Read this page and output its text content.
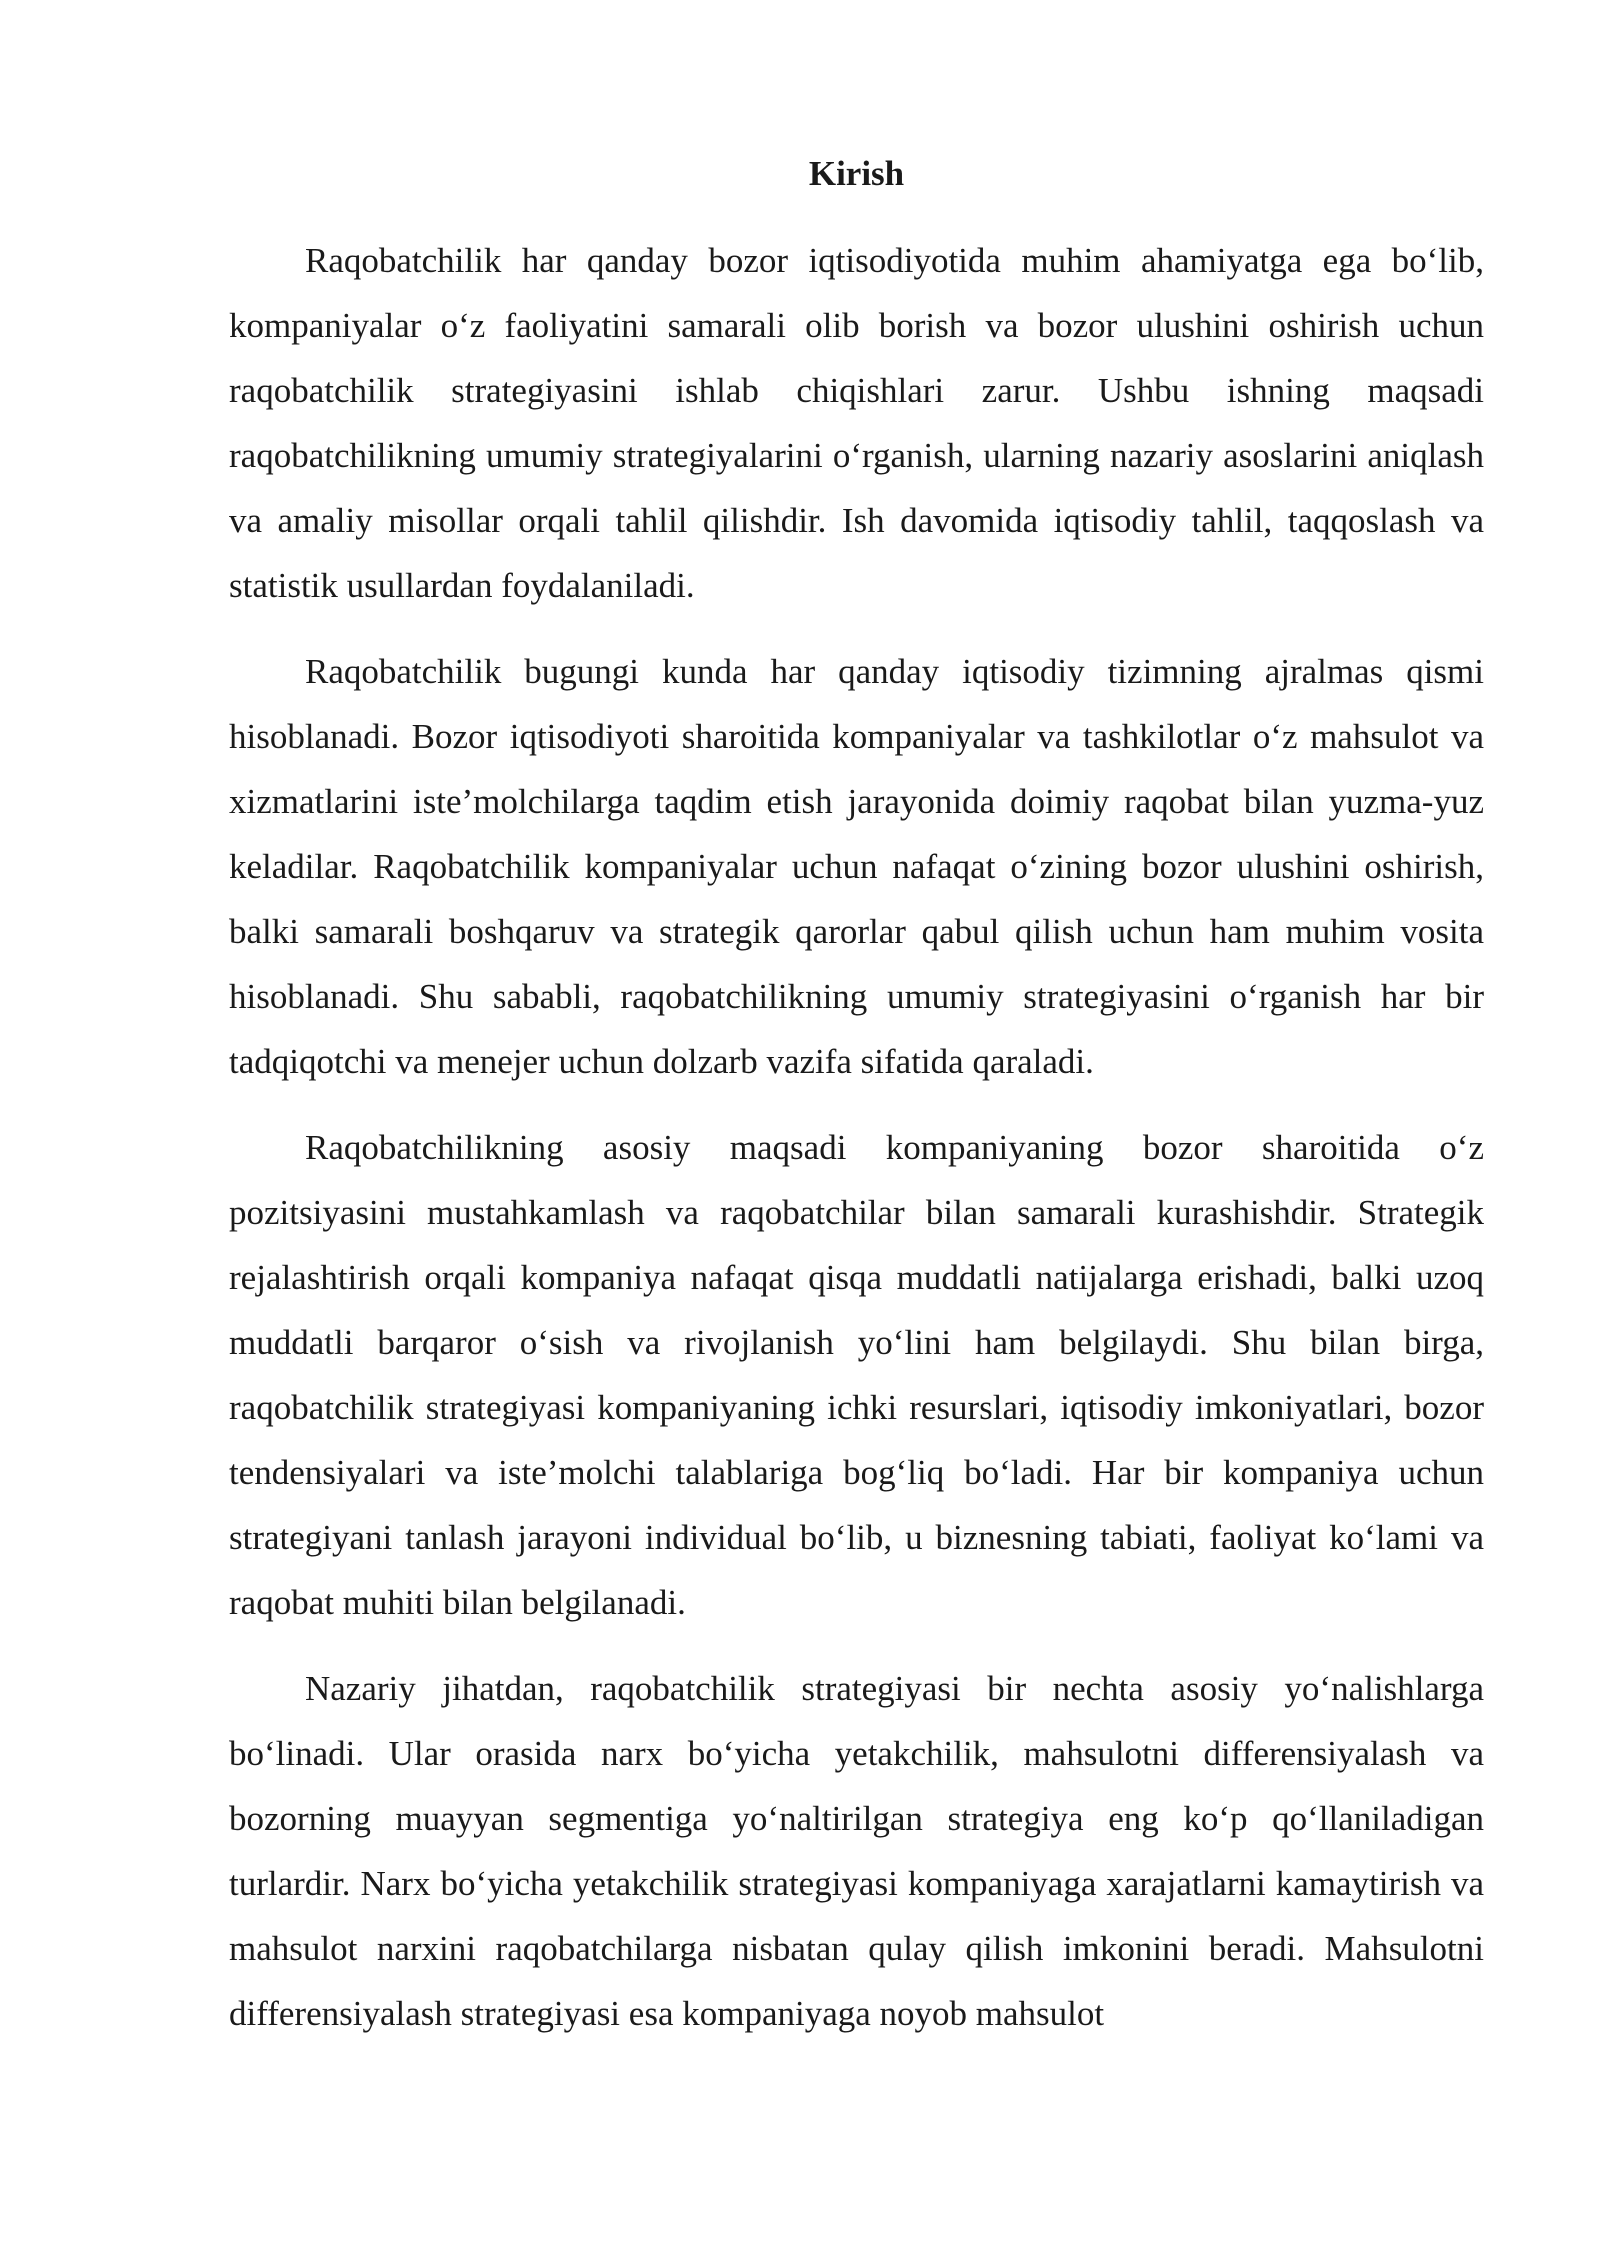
Kirish

Raqobatchilik har qanday bozor iqtisodiyotida muhim ahamiyatga ega bo‘lib, kompaniyalar o‘z faoliyatini samarali olib borish va bozor ulushini oshirish uchun raqobatchilik strategiyasini ishlab chiqishlari zarur. Ushbu ishning maqsadi raqobatchilikning umumiy strategiyalarini o‘rganish, ularning nazariy asoslarini aniqlash va amaliy misollar orqali tahlil qilishdir. Ish davomida iqtisodiy tahlil, taqqoslash va statistik usullardan foydalaniladi.

Raqobatchilik bugungi kunda har qanday iqtisodiy tizimning ajralmas qismi hisoblanadi. Bozor iqtisodiyoti sharoitida kompaniyalar va tashkilotlar o‘z mahsulot va xizmatlarini iste’molchilarga taqdim etish jarayonida doimiy raqobat bilan yuzma-yuz keladilar. Raqobatchilik kompaniyalar uchun nafaqat o‘zining bozor ulushini oshirish, balki samarali boshqaruv va strategik qarorlar qabul qilish uchun ham muhim vosita hisoblanadi. Shu sababli, raqobatchilikning umumiy strategiyasini o‘rganish har bir tadqiqotchi va menejer uchun dolzarb vazifa sifatida qaraladi.

Raqobatchilikning asosiy maqsadi kompaniyaning bozor sharoitida o‘z pozitsiyasini mustahkamlash va raqobatchilar bilan samarali kurashishdir. Strategik rejalashtirish orqali kompaniya nafaqat qisqa muddatli natijalarga erishadi, balki uzoq muddatli barqaror o‘sish va rivojlanish yo‘lini ham belgilaydi. Shu bilan birga, raqobatchilik strategiyasi kompaniyaning ichki resurslari, iqtisodiy imkoniyatlari, bozor tendensiyalari va iste’molchi talablariga bog‘liq bo‘ladi. Har bir kompaniya uchun strategiyani tanlash jarayoni individual bo‘lib, u biznesning tabiati, faoliyat ko‘lami va raqobat muhiti bilan belgilanadi.

Nazariy jihatdan, raqobatchilik strategiyasi bir nechta asosiy yo‘nalishlarga bo‘linadi. Ular orasida narx bo‘yicha yetakchilik, mahsulotni differensiyalash va bozorning muayyan segmentiga yo‘naltirilgan strategiya eng ko‘p qo‘llaniladigan turlardir. Narx bo‘yicha yetakchilik strategiyasi kompaniyaga xarajatlarni kamaytirish va mahsulot narxini raqobatchilarga nisbatan qulay qilish imkonini beradi. Mahsulotni differensiyalash strategiyasi esa kompaniyaga noyob mahsulot
